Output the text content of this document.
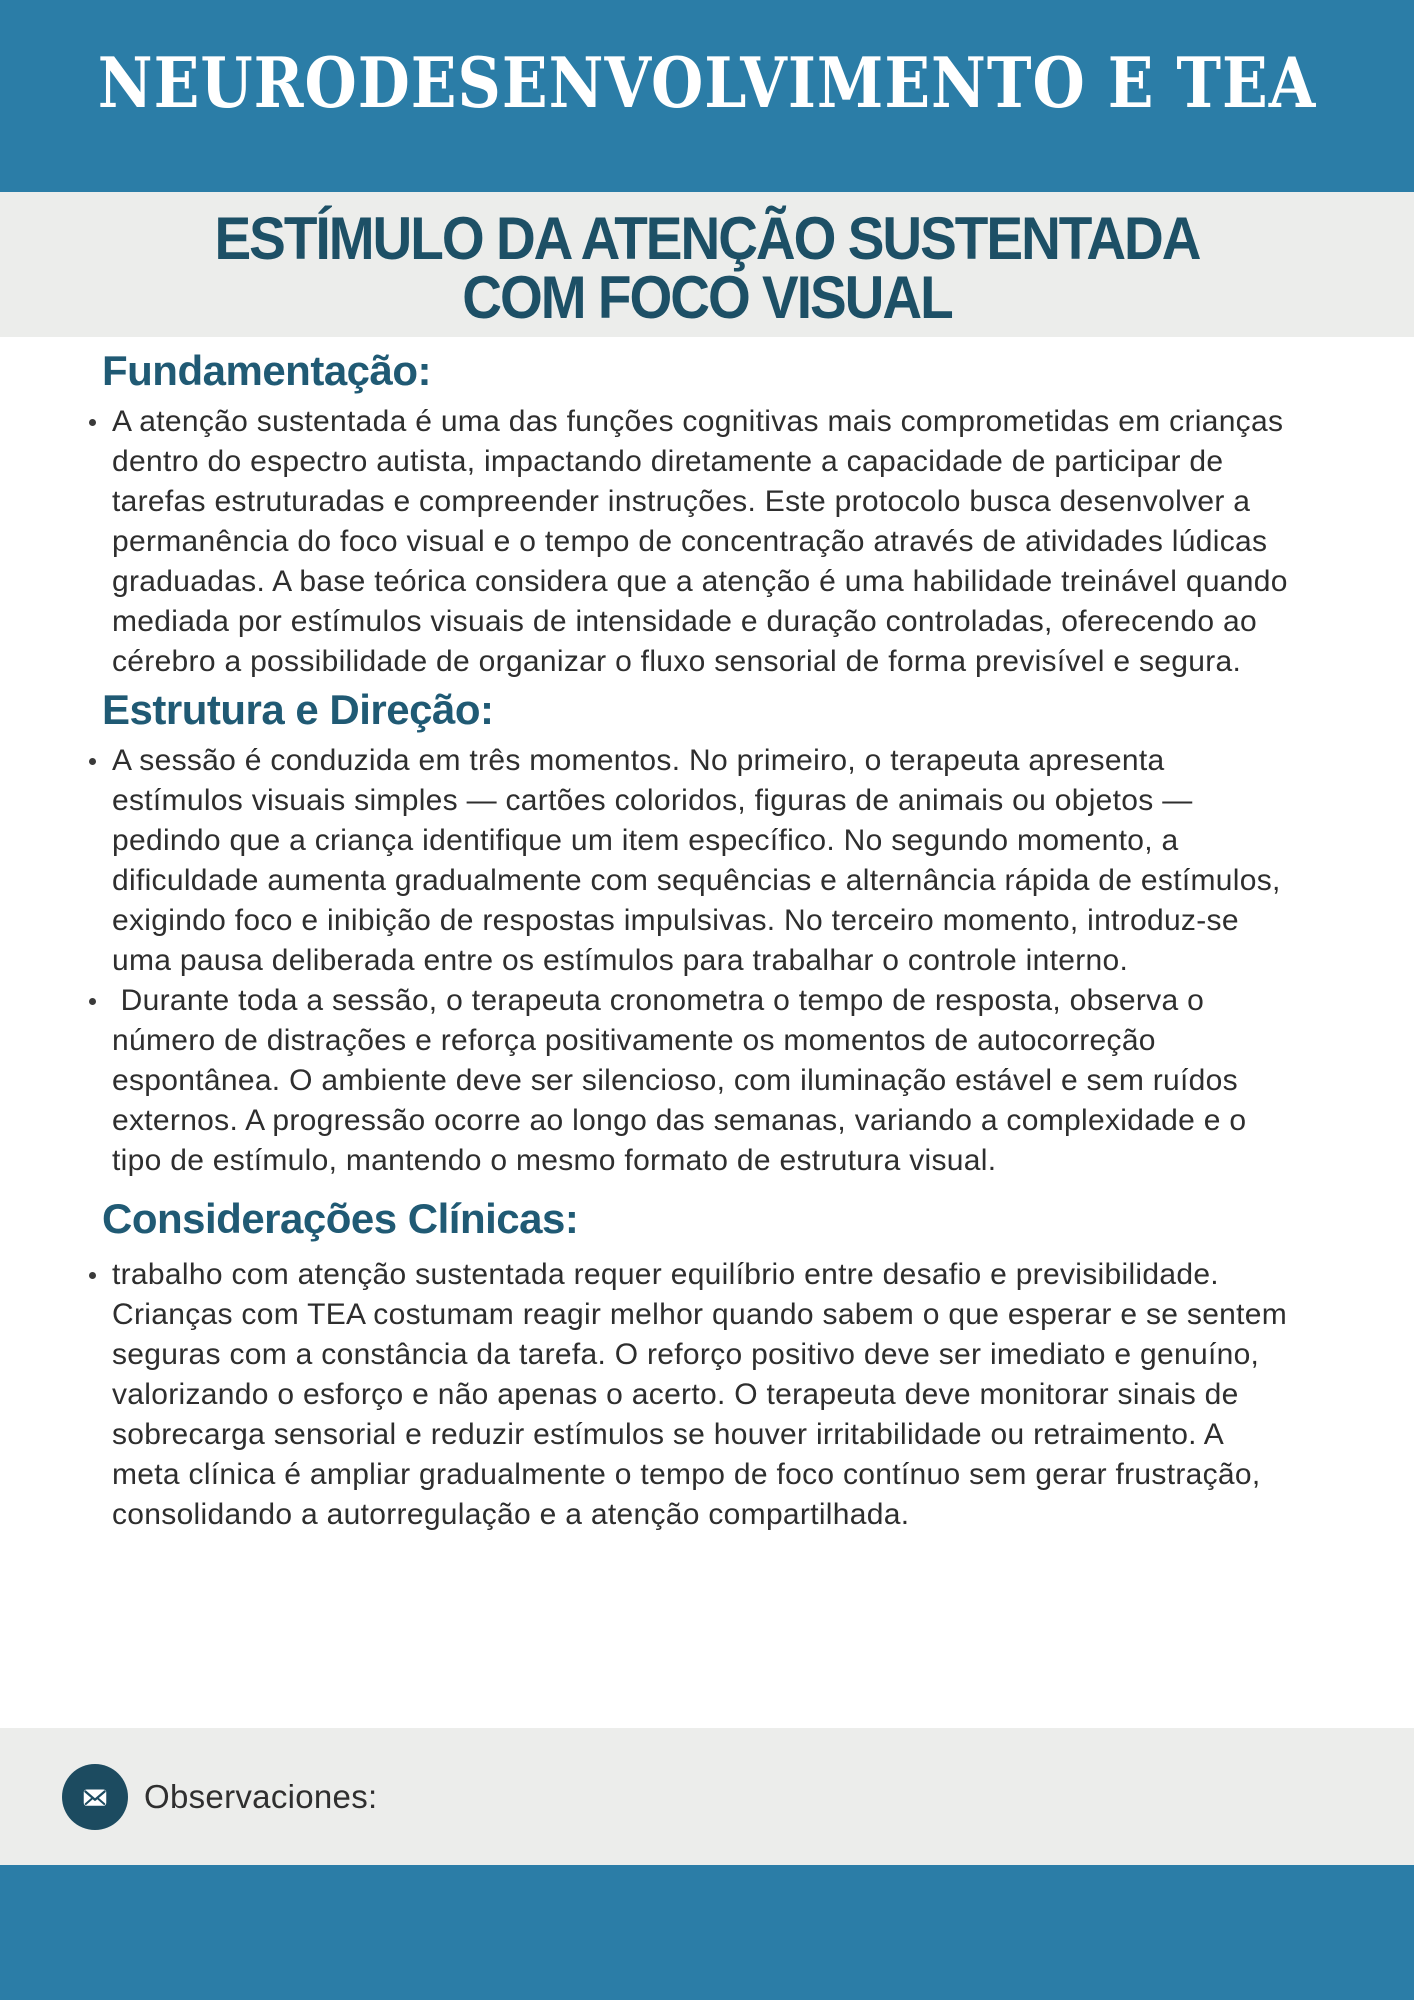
NEURODESENVOLVIMENTO E TEA
ESTÍMULO DA ATENÇÃO SUSTENTADA
COM FOCO VISUAL
Fundamentação:
A atenção sustentada é uma das funções cognitivas mais comprometidas em crianças dentro do espectro autista, impactando diretamente a capacidade de participar de tarefas estruturadas e compreender instruções. Este protocolo busca desenvolver a permanência do foco visual e o tempo de concentração através de atividades lúdicas graduadas. A base teórica considera que a atenção é uma habilidade treinável quando mediada por estímulos visuais de intensidade e duração controladas, oferecendo ao cérebro a possibilidade de organizar o fluxo sensorial de forma previsível e segura.
Estrutura e Direção:
A sessão é conduzida em três momentos. No primeiro, o terapeuta apresenta estímulos visuais simples — cartões coloridos, figuras de animais ou objetos — pedindo que a criança identifique um item específico. No segundo momento, a dificuldade aumenta gradualmente com sequências e alternância rápida de estímulos, exigindo foco e inibição de respostas impulsivas. No terceiro momento, introduz-se uma pausa deliberada entre os estímulos para trabalhar o controle interno.
Durante toda a sessão, o terapeuta cronometra o tempo de resposta, observa o número de distrações e reforça positivamente os momentos de autocorreção espontânea. O ambiente deve ser silencioso, com iluminação estável e sem ruídos externos. A progressão ocorre ao longo das semanas, variando a complexidade e o tipo de estímulo, mantendo o mesmo formato de estrutura visual.
Considerações Clínicas:
trabalho com atenção sustentada requer equilíbrio entre desafio e previsibilidade. Crianças com TEA costumam reagir melhor quando sabem o que esperar e se sentem seguras com a constância da tarefa. O reforço positivo deve ser imediato e genuíno, valorizando o esforço e não apenas o acerto. O terapeuta deve monitorar sinais de sobrecarga sensorial e reduzir estímulos se houver irritabilidade ou retraimento. A meta clínica é ampliar gradualmente o tempo de foco contínuo sem gerar frustração, consolidando a autorregulação e a atenção compartilhada.
Observaciones:
